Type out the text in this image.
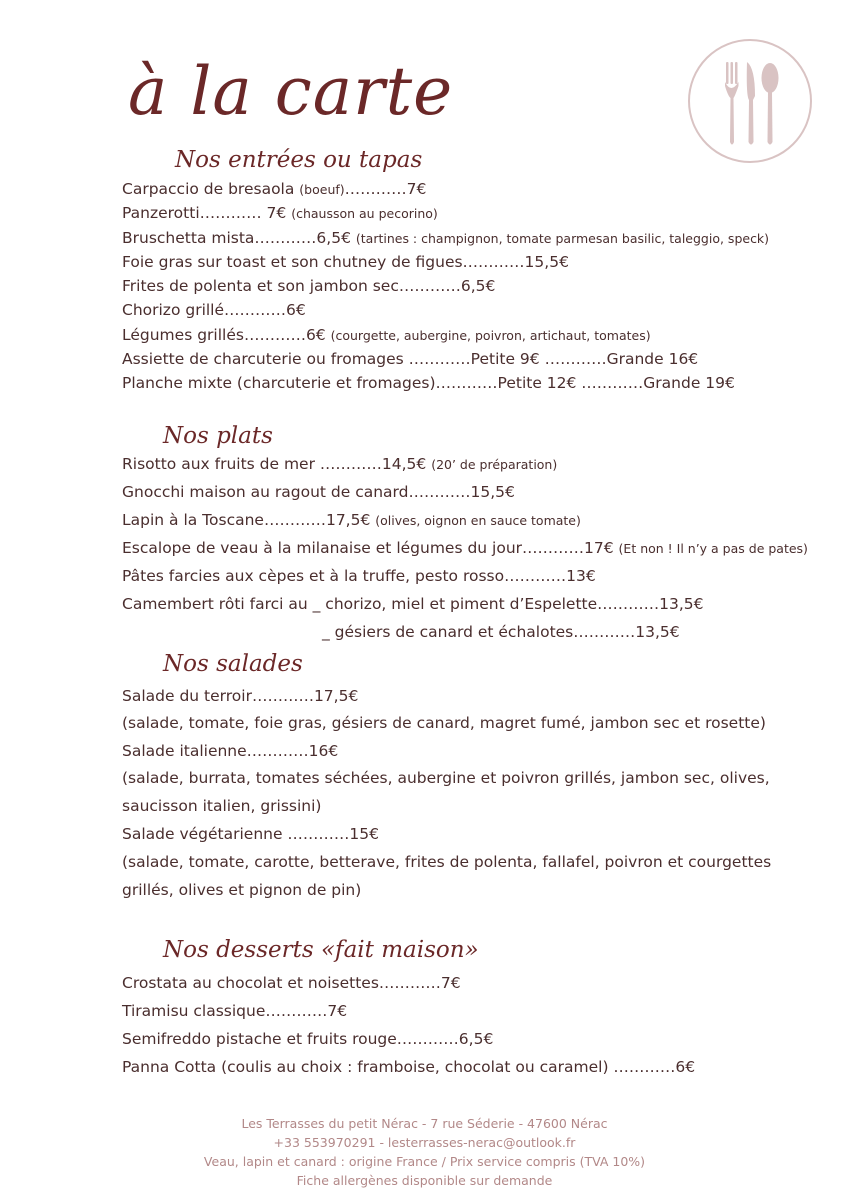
à la carte
Nos entrées ou tapas
Carpaccio de bresaola (boeuf)…………7€
Panzerotti………… 7€ (chausson au pecorino)
Bruschetta mista…………6,5€ (tartines : champignon, tomate parmesan basilic, taleggio, speck)
Foie gras sur toast et son chutney de figues…………15,5€
Frites de polenta et son jambon sec…………6,5€
Chorizo grillé…………6€
Légumes grillés…………6€ (courgette, aubergine, poivron, artichaut, tomates)
Assiette de charcuterie ou fromages …………Petite 9€ …………Grande 16€
Planche mixte (charcuterie et fromages)…………Petite 12€ …………Grande 19€
Nos plats
Risotto aux fruits de mer …………14,5€ (20’ de préparation)
Gnocchi maison au ragout de canard…………15,5€
Lapin à la Toscane…………17,5€ (olives, oignon en sauce tomate)
Escalope de veau à la milanaise et légumes du jour…………17€ (Et non ! Il n’y a pas de pates)
Pâtes farcies aux cèpes et à la truffe, pesto rosso…………13€
Camembert rôti farci au _ chorizo, miel et piment d’Espelette…………13,5€
_ gésiers de canard et échalotes…………13,5€
Nos salades
Salade du terroir…………17,5€
(salade, tomate, foie gras, gésiers de canard, magret fumé, jambon sec et rosette)
Salade italienne…………16€
(salade, burrata, tomates séchées, aubergine et poivron grillés, jambon sec, olives,
saucisson italien, grissini)
Salade végétarienne …………15€
(salade, tomate, carotte, betterave, frites de polenta, fallafel, poivron et courgettes
grillés, olives et pignon de pin)
Nos desserts «fait maison»
Crostata au chocolat et noisettes…………7€
Tiramisu classique…………7€
Semifreddo pistache et fruits rouge…………6,5€
Panna Cotta (coulis au choix : framboise, chocolat ou caramel) …………6€
Les Terrasses du petit Nérac - 7 rue Séderie - 47600 Nérac
+33 553970291 - lesterrasses-nerac@outlook.fr
Veau, lapin et canard : origine France / Prix service compris (TVA 10%)
Fiche allergènes disponible sur demande
